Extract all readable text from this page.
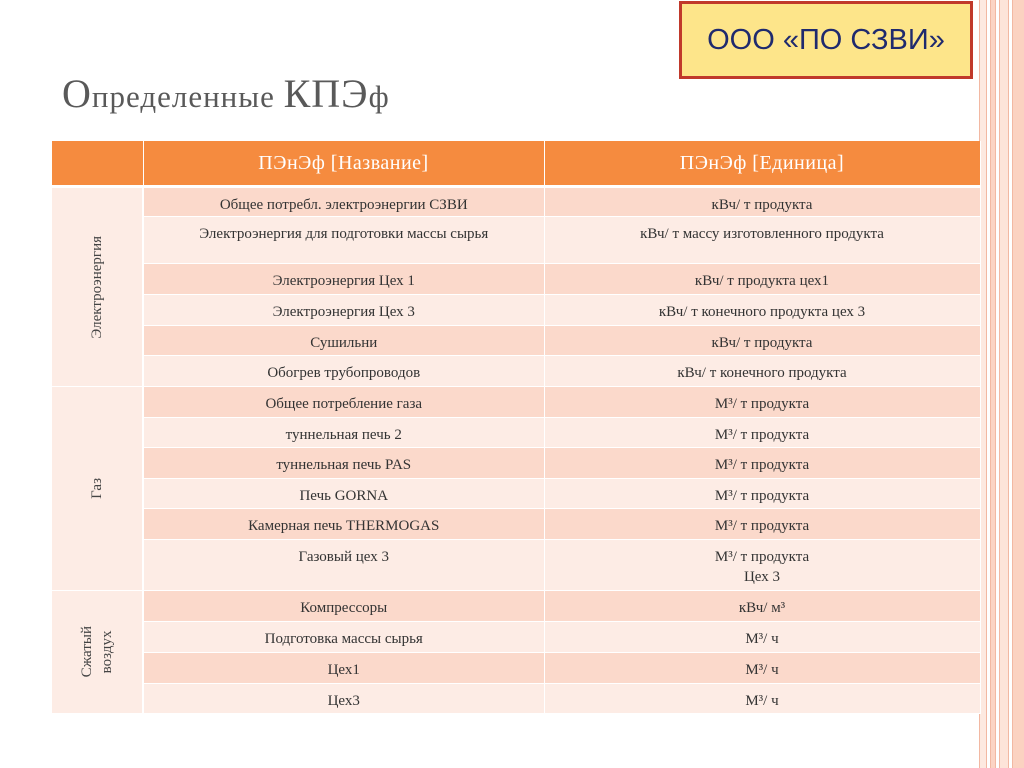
ООО «ПО СЗВИ»
Определенные КПЭф
	ПЭнЭф [Название]	ПЭнЭф [Единица]

Электроэнергия	Общее потребл. электроэнергии СЗВИ	кВч/ т продукта
	Электроэнергия для подготовки массы сырья	кВч/ т массу изготовленного продукта
	Электроэнергия Цех 1	кВч/ т продукта цех1
	Электроэнергия Цех 3	кВч/ т конечного продукта цех 3
	Сушильни	кВч/ т продукта
	Обогрев трубопроводов	кВч/ т конечного продукта

Газ	Общее потребление газа	М³/ т продукта
	туннельная печь 2	М³/ т продукта
	туннельная печь PAS	М³/ т продукта
	Печь GORNA	М³/ т продукта
	Камерная печь THERMOGAS	М³/ т продукта
	Газовый цех 3	М³/ т продукта
Цех 3

Сжатый воздух	Компрессоры	кВч/ м³
	Подготовка массы сырья	М³/ ч
	Цех1	М³/ ч
	Цех3	М³/ ч
